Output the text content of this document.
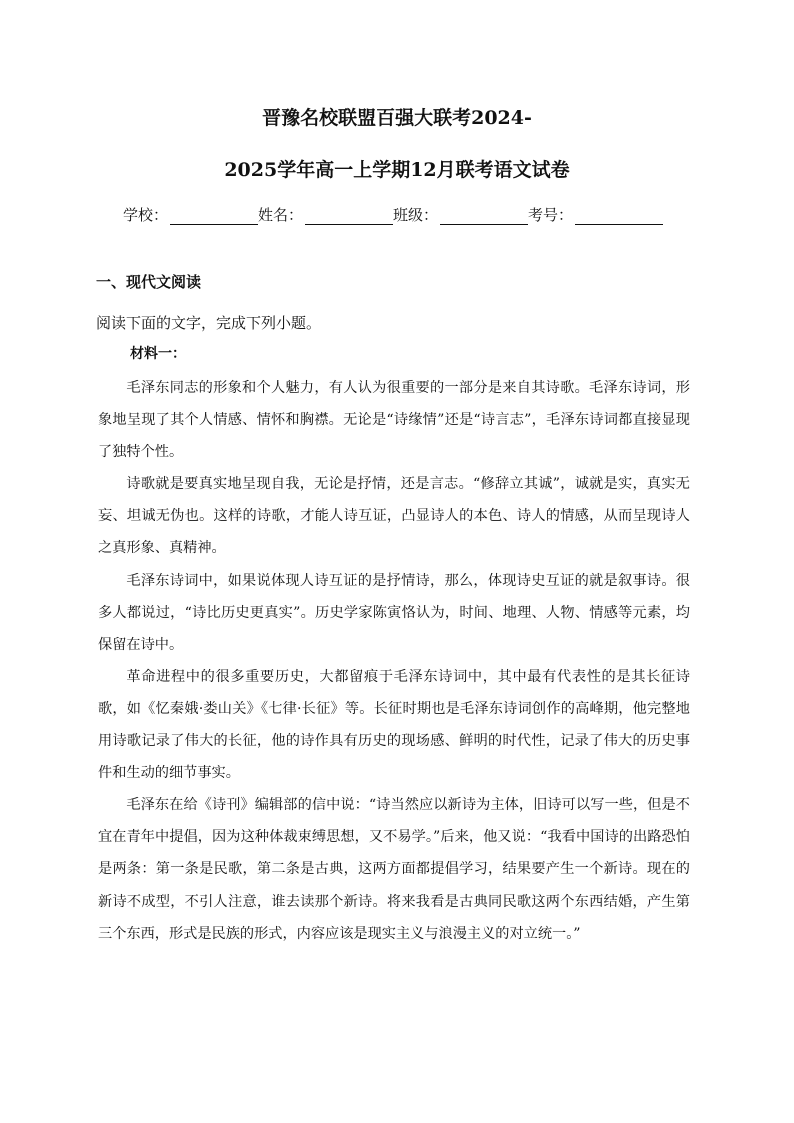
晋豫名校联盟百强大联考2024-
2025学年高一上学期12月联考语文试卷
学校：	姓名：	班级：	考号：
一、现代文阅读
阅读下面的文字，完成下列小题。
材料一：

毛泽东同志的形象和个人魅力，有人认为很重要的一部分是来自其诗歌。毛泽东诗词，形象地呈现了其个人情感、情怀和胸襟。无论是“诗缘情”还是“诗言志”，毛泽东诗词都直接显现了独特个性。

诗歌就是要真实地呈现自我，无论是抒情，还是言志。“修辞立其诚”，诚就是实，真实无妄、坦诚无伪也。这样的诗歌，才能人诗互证，凸显诗人的本色、诗人的情感，从而呈现诗人之真形象、真精神。

毛泽东诗词中，如果说体现人诗互证的是抒情诗，那么，体现诗史互证的就是叙事诗。很多人都说过，“诗比历史更真实”。历史学家陈寅恪认为，时间、地理、人物、情感等元素，均保留在诗中。

革命进程中的很多重要历史，大都留痕于毛泽东诗词中，其中最有代表性的是其长征诗歌，如《忆秦娥·娄山关》《七律·长征》等。长征时期也是毛泽东诗词创作的高峰期，他完整地用诗歌记录了伟大的长征，他的诗作具有历史的现场感、鲜明的时代性，记录了伟大的历史事件和生动的细节事实。

毛泽东在给《诗刊》编辑部的信中说：“诗当然应以新诗为主体，旧诗可以写一些，但是不宜在青年中提倡，因为这种体裁束缚思想，又不易学。”后来，他又说：“我看中国诗的出路恐怕是两条：第一条是民歌，第二条是古典，这两方面都提倡学习，结果要产生一个新诗。现在的新诗不成型，不引人注意，谁去读那个新诗。将来我看是古典同民歌这两个东西结婚，产生第三个东西，形式是民族的形式，内容应该是现实主义与浪漫主义的对立统一。”
